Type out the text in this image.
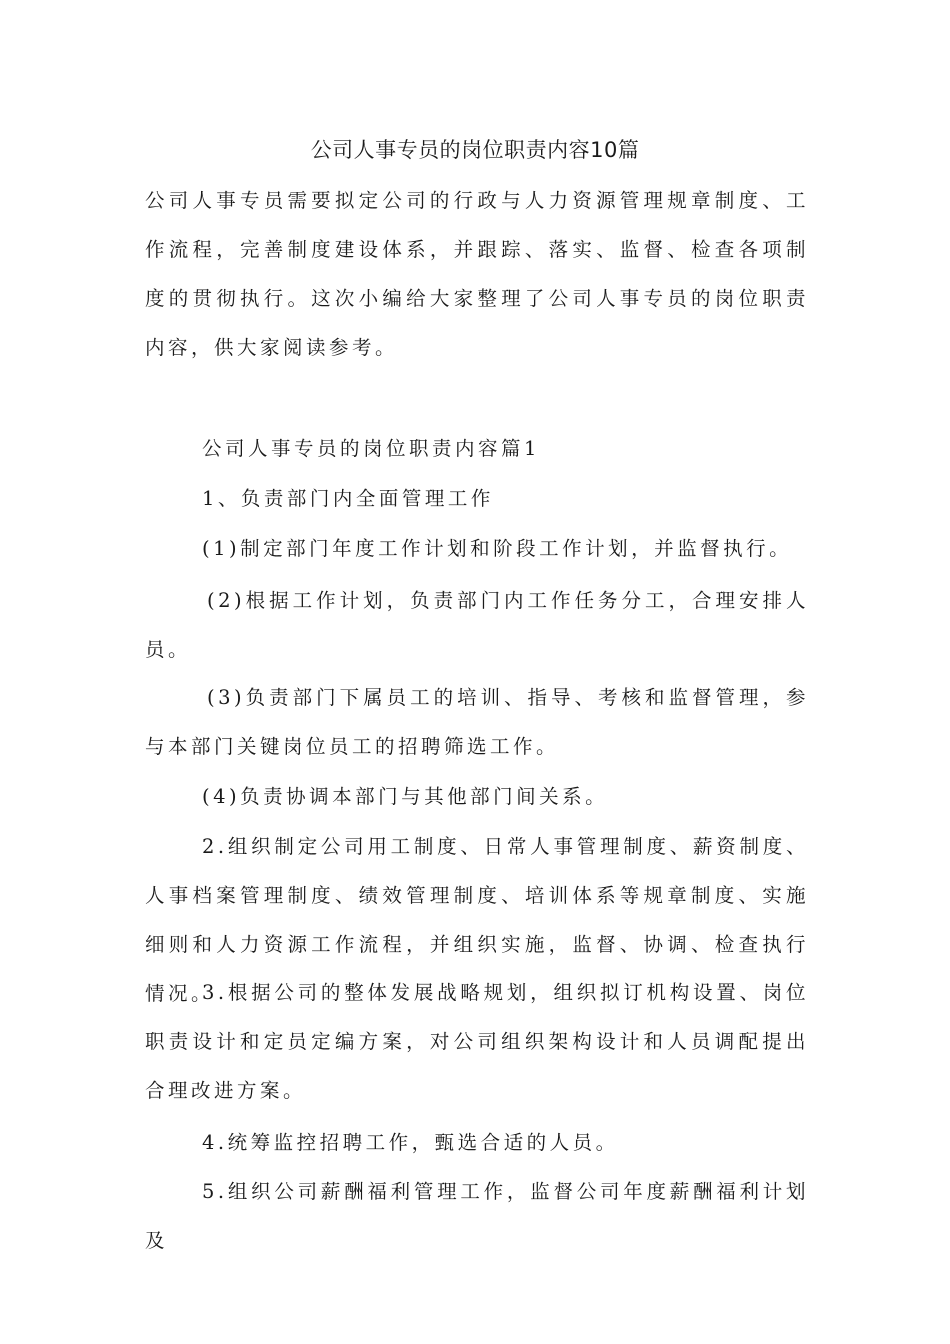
公司人事专员的岗位职责内容10篇

公司人事专员需要拟定公司的行政与人力资源管理规章制度、工作流程，完善制度建设体系，并跟踪、落实、监督、检查各项制度的贯彻执行。这次小编给大家整理了公司人事专员的岗位职责内容，供大家阅读参考。

公司人事专员的岗位职责内容篇1

1、负责部门内全面管理工作

(1)制定部门年度工作计划和阶段工作计划，并监督执行。

(2)根据工作计划，负责部门内工作任务分工，合理安排人员。

(3)负责部门下属员工的培训、指导、考核和监督管理，参与本部门关键岗位员工的招聘筛选工作。

(4)负责协调本部门与其他部门间关系。

2.组织制定公司用工制度、日常人事管理制度、薪资制度、人事档案管理制度、绩效管理制度、培训体系等规章制度、实施细则和人力资源工作流程，并组织实施，监督、协调、检查执行情况。

3.根据公司的整体发展战略规划，组织拟订机构设置、岗位职责设计和定员定编方案，对公司组织架构设计和人员调配提出合理改进方案。

4.统筹监控招聘工作，甄选合适的人员。

5.组织公司薪酬福利管理工作，监督公司年度薪酬福利计划及
